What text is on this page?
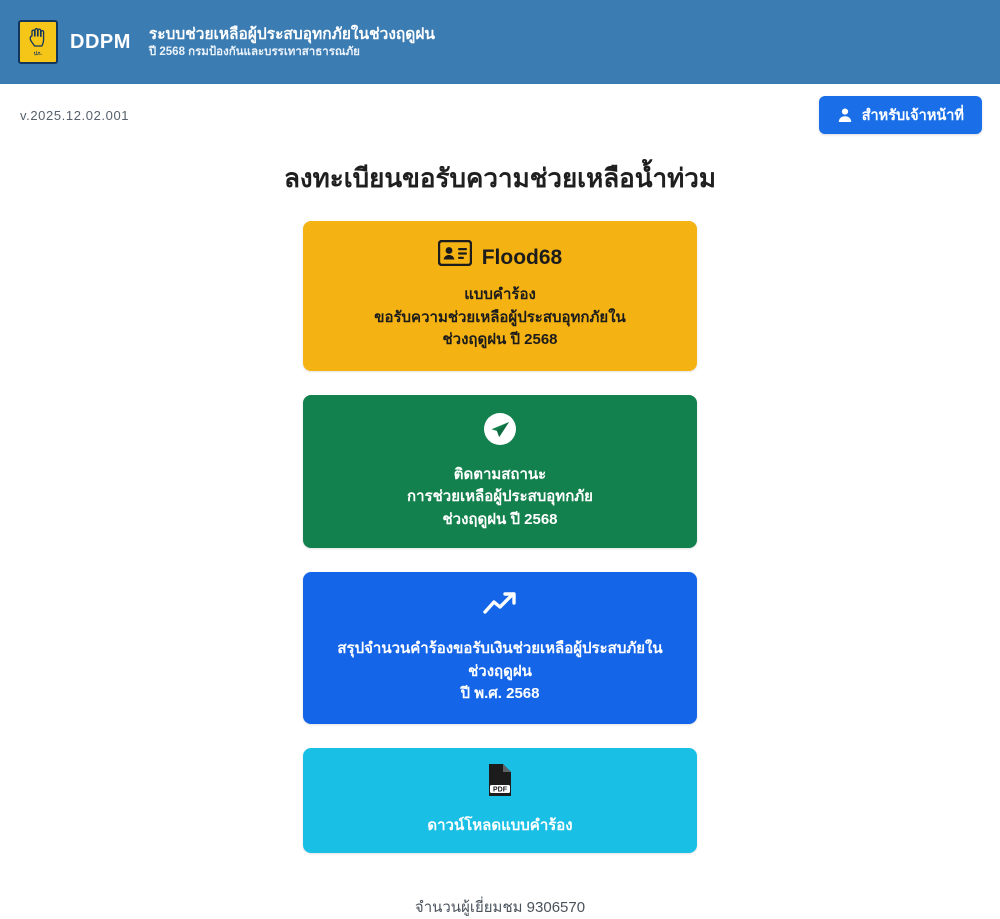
ปภ.
DDPM ระบบช่วยเหลือผู้ประสบอุทกภัยในช่วงฤดูฝน
ปี 2568 กรมป้องกันและบรรเทาสาธารณภัย
v.2025.12.02.001	สำหรับเจ้าหน้าที่
ลงทะเบียนขอรับความช่วยเหลือน้ำท่วม
Flood68
แบบคำร้อง
ขอรับความช่วยเหลือผู้ประสบอุทกภัยใน
ช่วงฤดูฝน ปี 2568
ติดตามสถานะ
การช่วยเหลือผู้ประสบอุทกภัย
ช่วงฤดูฝน ปี 2568
สรุปจำนวนคำร้องขอรับเงินช่วยเหลือผู้ประสบภัยใน
ช่วงฤดูฝน
ปี พ.ศ. 2568
PDF
ดาวน์โหลดแบบคำร้อง
จำนวนผู้เยี่ยมชม 9306570
